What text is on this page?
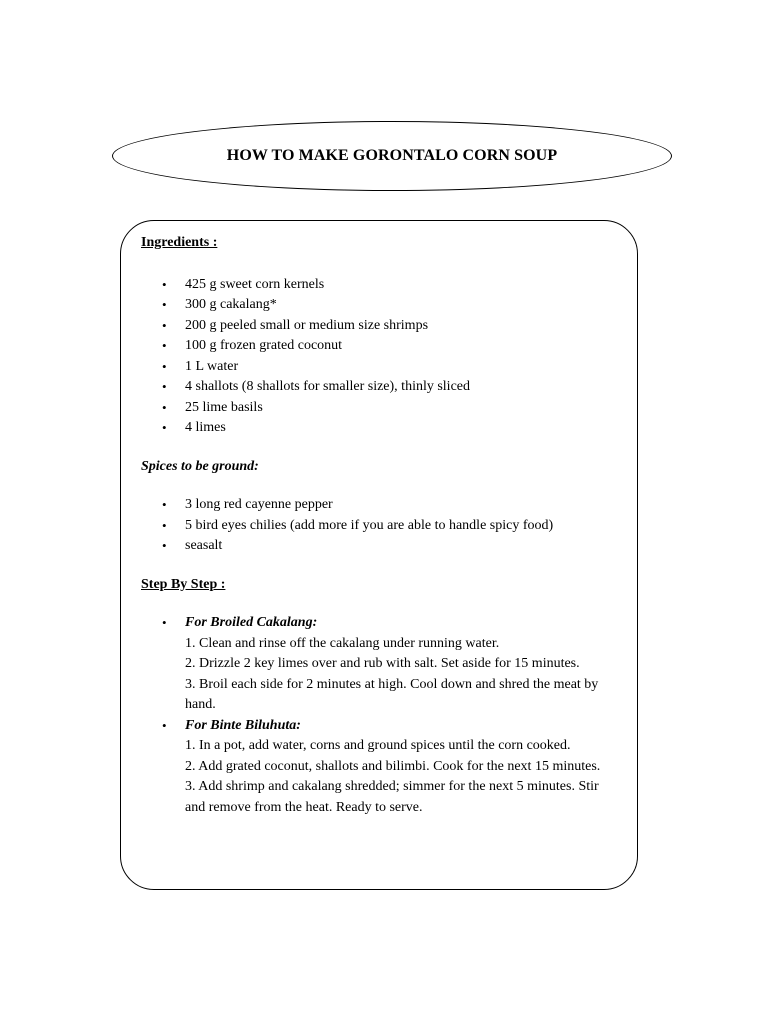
HOW TO MAKE GORONTALO CORN SOUP

Ingredients :

• 425 g sweet corn kernels
• 300 g cakalang*
• 200 g peeled small or medium size shrimps
• 100 g frozen grated coconut
• 1 L water
• 4 shallots (8 shallots for smaller size), thinly sliced
• 25 lime basils
• 4 limes

Spices to be ground:

• 3 long red cayenne pepper
• 5 bird eyes chilies (add more if you are able to handle spicy food)
• seasalt

Step By Step :

• For Broiled Cakalang:
1. Clean and rinse off the cakalang under running water.
2. Drizzle 2 key limes over and rub with salt. Set aside for 15 minutes.
3. Broil each side for 2 minutes at high. Cool down and shred the meat by hand.
• For Binte Biluhuta:
1. In a pot, add water, corns and ground spices until the corn cooked.
2. Add grated coconut, shallots and bilimbi. Cook for the next 15 minutes.
3. Add shrimp and cakalang shredded; simmer for the next 5 minutes. Stir and remove from the heat. Ready to serve.
